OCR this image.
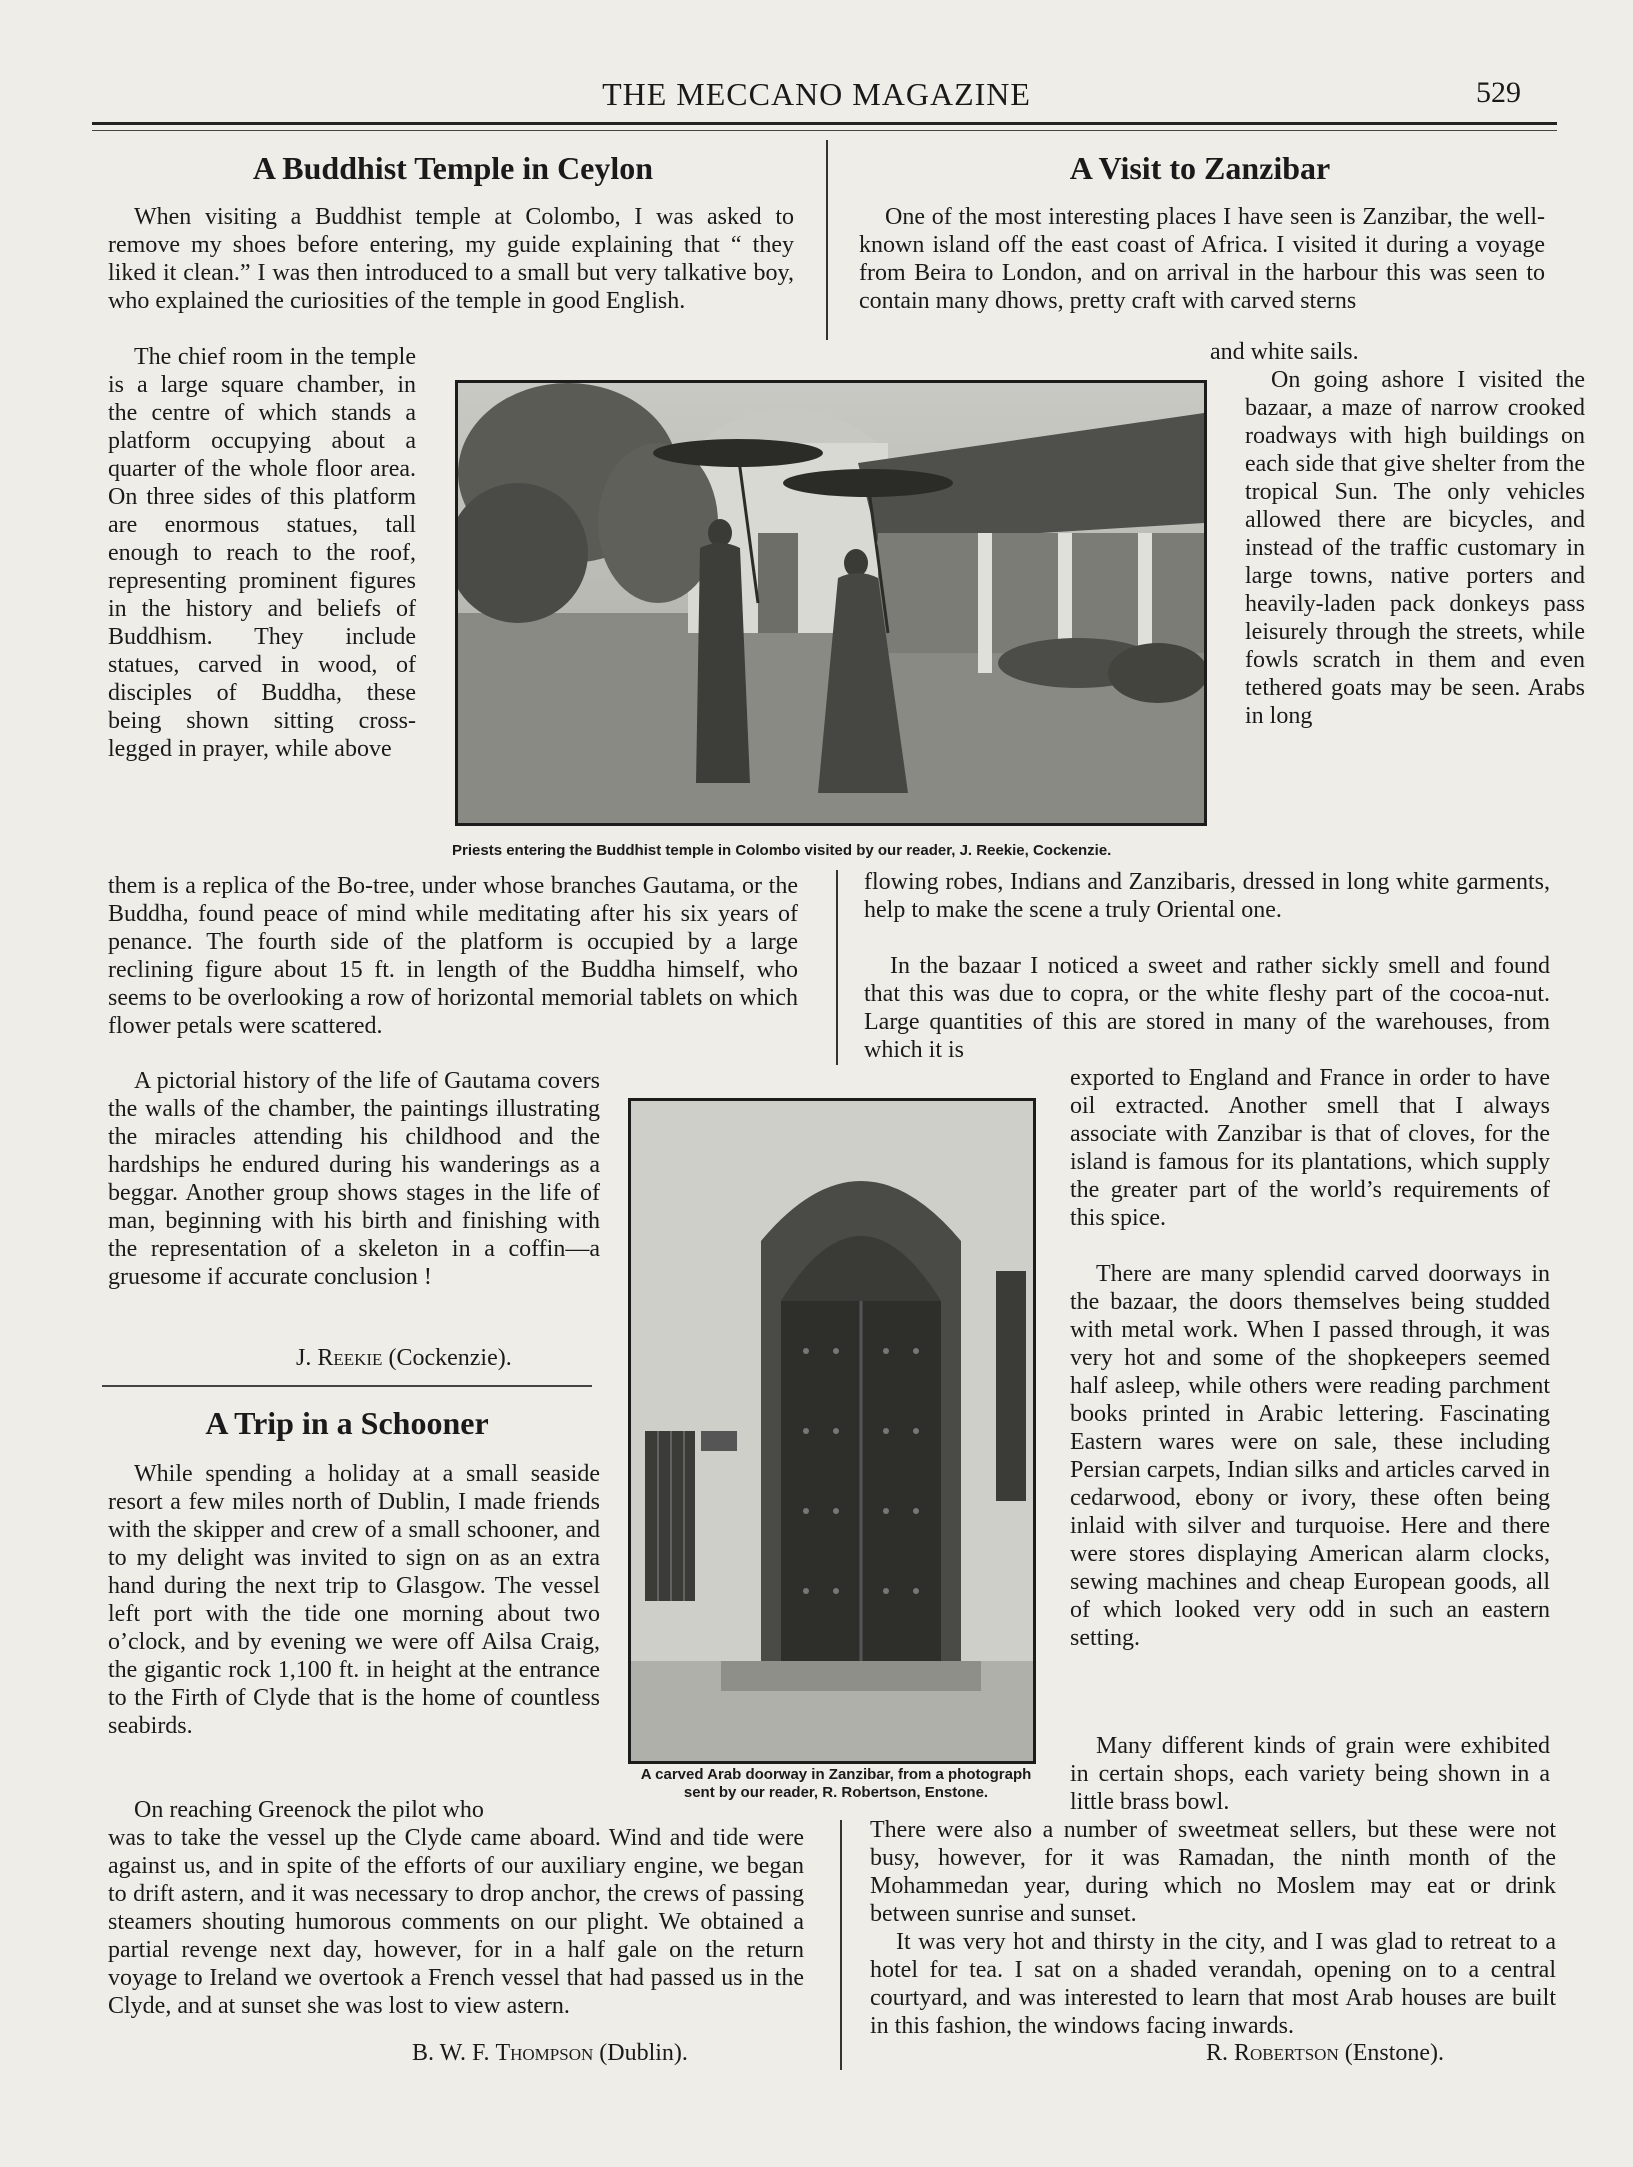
THE MECCANO MAGAZINE	529
A Buddhist Temple in Ceylon

When visiting a Buddhist temple at Colombo, I was asked to remove my shoes before entering, my guide explaining that “ they liked it clean.” I was then introduced to a small but very talkative boy, who explained the curiosities of the temple in good English.

The chief room in the temple is a large square chamber, in the centre of which stands a platform occupying about a quarter of the whole floor area. On three sides of this platform are enormous statues, tall enough to reach to the roof, representing prominent figures in the history and beliefs of Buddhism. They include statues, carved in wood, of disciples of Buddha, these being shown sitting cross-legged in prayer, while above

them is a replica of the Bo-tree, under whose branches Gautama, or the Buddha, found peace of mind while meditating after his six years of penance. The fourth side of the platform is occupied by a large reclining figure about 15 ft. in length of the Buddha himself, who seems to be overlooking a row of horizontal memorial tablets on which flower petals were scattered.

A pictorial history of the life of Gautama covers the walls of the chamber, the paintings illustrating the miracles attending his childhood and the hardships he endured during his wanderings as a beggar. Another group shows stages in the life of man, beginning with his birth and finishing with the representation of a skeleton in a coffin—a gruesome if accurate conclusion !

J. Reekie (Cockenzie).
Priests entering the Buddhist temple in Colombo visited by our reader, J. Reekie, Cockenzie.
A Visit to Zanzibar

One of the most interesting places I have seen is Zanzibar, the well-known island off the east coast of Africa. I visited it during a voyage from Beira to London, and on arrival in the harbour this was seen to contain many dhows, pretty craft with carved sterns

and white sails.

On going ashore I visited the bazaar, a maze of narrow crooked roadways with high buildings on each side that give shelter from the tropical Sun. The only vehicles allowed there are bicycles, and instead of the traffic customary in large towns, native porters and heavily-laden pack donkeys pass leisurely through the streets, while fowls scratch in them and even tethered goats may be seen. Arabs in long

flowing robes, Indians and Zanzibaris, dressed in long white garments, help to make the scene a truly Oriental one.

In the bazaar I noticed a sweet and rather sickly smell and found that this was due to copra, or the white fleshy part of the cocoa-nut. Large quantities of this are stored in many of the warehouses, from which it is

exported to England and France in order to have oil extracted. Another smell that I always associate with Zanzibar is that of cloves, for the island is famous for its plantations, which supply the greater part of the world’s requirements of this spice.

There are many splendid carved doorways in the bazaar, the doors themselves being studded with metal work. When I passed through, it was very hot and some of the shopkeepers seemed half asleep, while others were reading parchment books printed in Arabic lettering. Fascinating Eastern wares were on sale, these including Persian carpets, Indian silks and articles carved in cedarwood, ebony or ivory, these often being inlaid with silver and turquoise. Here and there were stores displaying American alarm clocks, sewing machines and cheap European goods, all of which looked very odd in such an eastern setting.

Many different kinds of grain were exhibited in certain shops, each variety being shown in a little brass bowl.

There were also a number of sweetmeat sellers, but these were not busy, however, for it was Ramadan, the ninth month of the Mohammedan year, during which no Moslem may eat or drink between sunrise and sunset.

It was very hot and thirsty in the city, and I was glad to retreat to a hotel for tea. I sat on a shaded verandah, opening on to a central courtyard, and was interested to learn that most Arab houses are built in this fashion, the windows facing inwards.

R. Robertson (Enstone).
A carved Arab doorway in Zanzibar, from a photograph sent by our reader, R. Robertson, Enstone.
A Trip in a Schooner

While spending a holiday at a small seaside resort a few miles north of Dublin, I made friends with the skipper and crew of a small schooner, and to my delight was invited to sign on as an extra hand during the next trip to Glasgow. The vessel left port with the tide one morning about two o’clock, and by evening we were off Ailsa Craig, the gigantic rock 1,100 ft. in height at the entrance to the Firth of Clyde that is the home of countless seabirds.

On reaching Greenock the pilot who

was to take the vessel up the Clyde came aboard. Wind and tide were against us, and in spite of the efforts of our auxiliary engine, we began to drift astern, and it was necessary to drop anchor, the crews of passing steamers shouting humorous comments on our plight. We obtained a partial revenge next day, however, for in a half gale on the return voyage to Ireland we overtook a French vessel that had passed us in the Clyde, and at sunset she was lost to view astern.

B. W. F. Thompson (Dublin).
